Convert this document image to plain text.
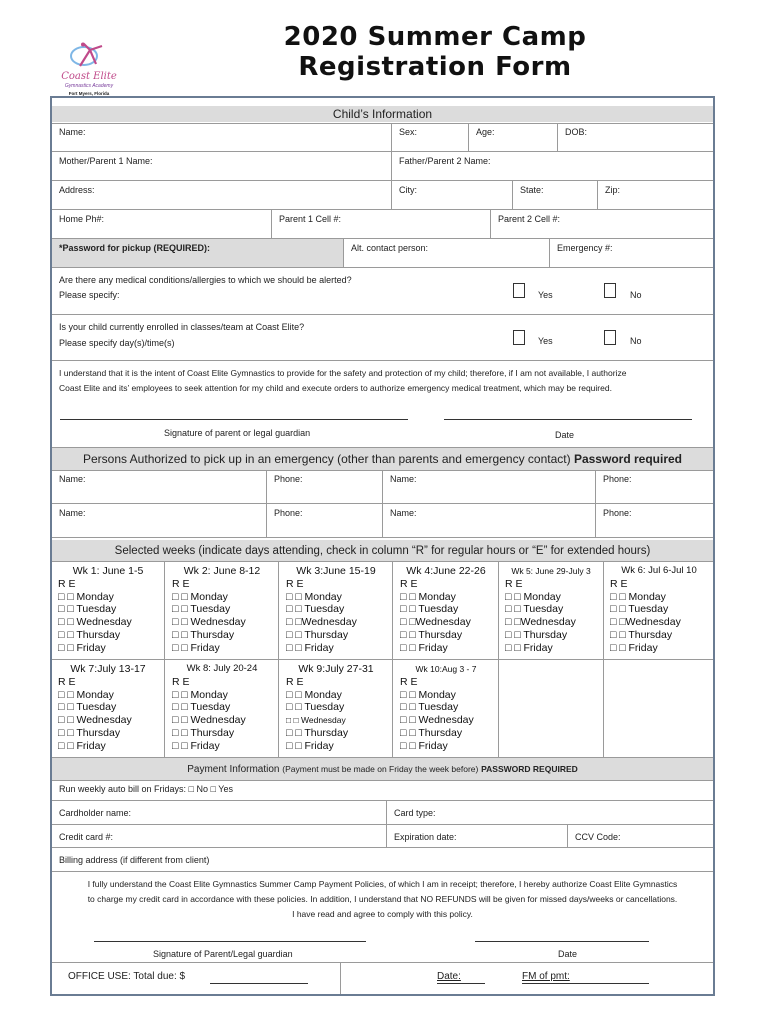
2020 Summer Camp Registration Form
Coast Elite
Gymnastics Academy
Fort Myers, Florida
Child’s Information
Name:	Sex:	Age:	DOB:
Mother/Parent 1 Name:	Father/Parent 2 Name:
Address:	City:	State:	Zip:
Home Ph#:	Parent 1 Cell #:	Parent 2 Cell #:
*Password for pickup (REQUIRED):	Alt. contact person:	Emergency #:
Are there any medical conditions/allergies to which we should be alerted?
Please specify:	Yes	No
Is your child currently enrolled in classes/team at Coast Elite?
Please specify day(s)/time(s)	Yes	No
I understand that it is the intent of Coast Elite Gymnastics to provide for the safety and protection of my child; therefore, if I am not available, I authorize
Coast Elite and its’ employees to seek attention for my child and execute orders to authorize emergency medical treatment, which may be required.
Signature of parent or legal guardian	Date
Persons Authorized to pick up in an emergency (other than parents and emergency contact) Password required
Name:	Phone:	Name:	Phone:
Name:	Phone:	Name:	Phone:
Selected weeks (indicate days attending, check in column “R” for regular hours or “E” for extended hours)
Wk 1: June 1-5
R E
□ □ Monday
□ □ Tuesday
□ □ Wednesday
□ □ Thursday
□ □ Friday
Wk 2: June 8-12
R E
□ □ Monday
□ □ Tuesday
□ □ Wednesday
□ □ Thursday
□ □ Friday
Wk 3:June 15-19
R E
□ □ Monday
□ □ Tuesday
□ □Wednesday
□ □ Thursday
□ □ Friday
Wk 4:June 22-26
R E
□ □ Monday
□ □ Tuesday
□ □Wednesday
□ □ Thursday
□ □ Friday
Wk 5: June 29-July 3
R E
□ □ Monday
□ □ Tuesday
□ □Wednesday
□ □ Thursday
□ □ Friday
Wk 6: Jul 6-Jul 10
R E
□ □ Monday
□ □ Tuesday
□ □Wednesday
□ □ Thursday
□ □ Friday
Wk 7:July 13-17
R E
□ □ Monday
□ □ Tuesday
□ □ Wednesday
□ □ Thursday
□ □ Friday
Wk 8: July 20-24
R E
□ □ Monday
□ □ Tuesday
□ □ Wednesday
□ □ Thursday
□ □ Friday
Wk 9:July 27-31
R E
□ □ Monday
□ □ Tuesday
□ □ Wednesday
□ □ Thursday
□ □ Friday
Wk 10:Aug 3 - 7
R E
□ □ Monday
□ □ Tuesday
□ □ Wednesday
□ □ Thursday
□ □ Friday
Payment Information (Payment must be made on Friday the week before) PASSWORD REQUIRED
Run weekly auto bill on Fridays: □ No □ Yes
Cardholder name:	Card type:
Credit card #:	Expiration date:	CCV Code:
Billing address (if different from client)
I fully understand the Coast Elite Gymnastics Summer Camp Payment Policies, of which I am in receipt; therefore, I hereby authorize Coast Elite Gymnastics
to charge my credit card in accordance with these policies. In addition, I understand that NO REFUNDS will be given for missed days/weeks or cancellations.
I have read and agree to comply with this policy.
Signature of Parent/Legal guardian	Date
OFFICE USE: Total due: $	Date:	FM of pmt:
